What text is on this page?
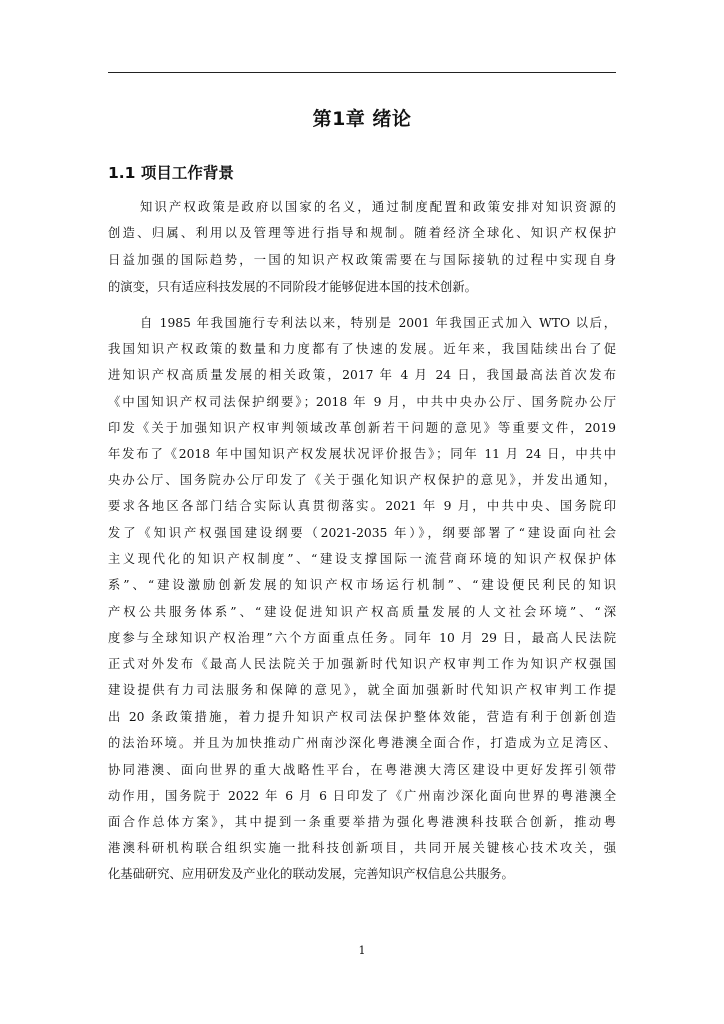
第1章 绪论
1.1 项目工作背景
知识产权政策是政府以国家的名义，通过制度配置和政策安排对知识资源的
创造、归属、利用以及管理等进行指导和规制。随着经济全球化、知识产权保护
日益加强的国际趋势，一国的知识产权政策需要在与国际接轨的过程中实现自身
的演变，只有适应科技发展的不同阶段才能够促进本国的技术创新。
自 1985 年我国施行专利法以来，特别是 2001 年我国正式加入 WTO 以后，
我国知识产权政策的数量和力度都有了快速的发展。近年来，我国陆续出台了促
进知识产权高质量发展的相关政策，2017 年 4 月 24 日，我国最高法首次发布
《中国知识产权司法保护纲要》；2018 年 9 月，中共中央办公厅、国务院办公厅
印发《关于加强知识产权审判领域改革创新若干问题的意见》等重要文件，2019
年发布了《2018 年中国知识产权发展状况评价报告》；同年 11 月 24 日，中共中
央办公厅、国务院办公厅印发了《关于强化知识产权保护的意见》，并发出通知，
要求各地区各部门结合实际认真贯彻落实。2021 年 9 月，中共中央、国务院印
发了《知识产权强国建设纲要（2021-2035 年）》，纲要部署了“建设面向社会
主义现代化的知识产权制度”、“建设支撑国际一流营商环境的知识产权保护体
系”、“建设激励创新发展的知识产权市场运行机制”、“建设便民利民的知识
产权公共服务体系”、“建设促进知识产权高质量发展的人文社会环境”、“深
度参与全球知识产权治理”六个方面重点任务。同年 10 月 29 日，最高人民法院
正式对外发布《最高人民法院关于加强新时代知识产权审判工作为知识产权强国
建设提供有力司法服务和保障的意见》，就全面加强新时代知识产权审判工作提
出 20 条政策措施，着力提升知识产权司法保护整体效能，营造有利于创新创造
的法治环境。并且为加快推动广州南沙深化粤港澳全面合作，打造成为立足湾区、
协同港澳、面向世界的重大战略性平台，在粤港澳大湾区建设中更好发挥引领带
动作用，国务院于 2022 年 6 月 6 日印发了《广州南沙深化面向世界的粤港澳全
面合作总体方案》，其中提到一条重要举措为强化粤港澳科技联合创新，推动粤
港澳科研机构联合组织实施一批科技创新项目，共同开展关键核心技术攻关，强
化基础研究、应用研发及产业化的联动发展，完善知识产权信息公共服务。
1
